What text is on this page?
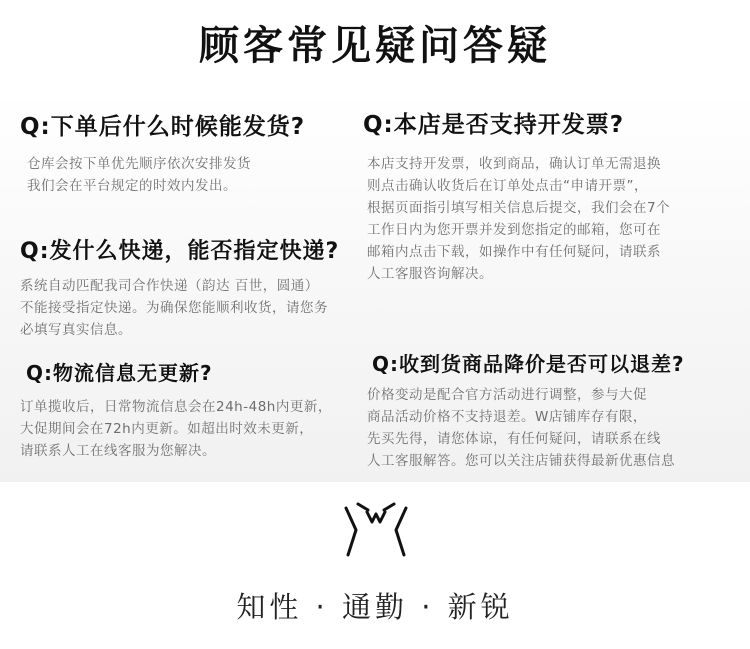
顾客常见疑问答疑
Q:下单后什么时候能发货?
仓库会按下单优先顺序依次安排发货
我们会在平台规定的时效内发出。
Q:发什么快递，能否指定快递?
系统自动匹配我司合作快递（韵达 百世，圆通）
不能接受指定快递。为确保您能顺利收货，请您务
必填写真实信息。
Q:物流信息无更新?
订单揽收后，日常物流信息会在24h-48h内更新，
大促期间会在72h内更新。如超出时效未更新，
请联系人工在线客服为您解决。
Q:本店是否支持开发票?
本店支持开发票，收到商品，确认订单无需退换
则点击确认收货后在订单处点击“申请开票”，
根据页面指引填写相关信息后提交，我们会在7个
工作日内为您开票并发到您指定的邮箱，您可在
邮箱内点击下载，如操作中有任何疑问，请联系
人工客服咨询解决。
Q:收到货商品降价是否可以退差?
价格变动是配合官方活动进行调整，参与大促
商品活动价格不支持退差。W店铺库存有限，
先买先得，请您体谅，有任何疑问，请联系在线
人工客服解答。您可以关注店铺获得最新优惠信息
知性 · 通勤 · 新锐
